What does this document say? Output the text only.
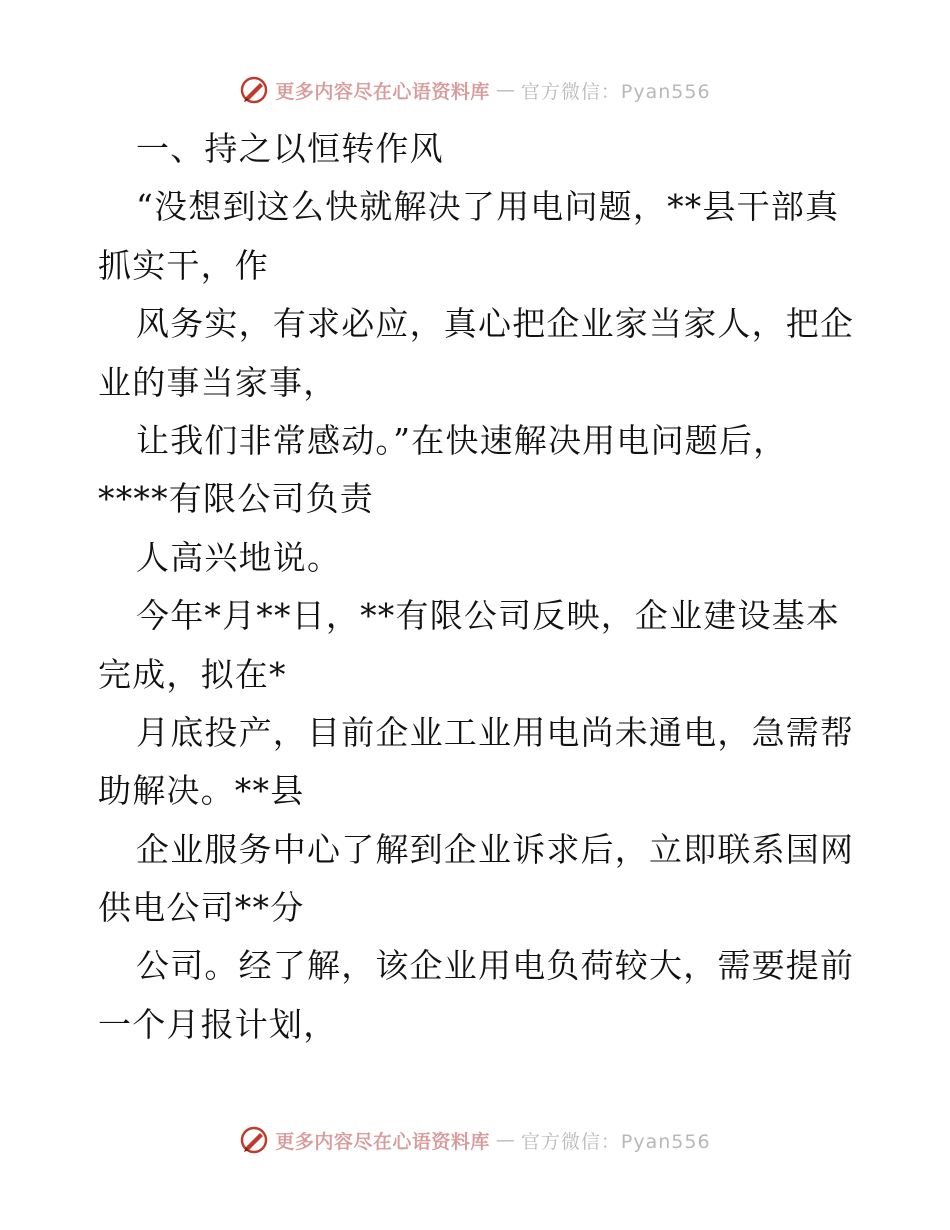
更多内容尽在心语资料库 — 官方微信：Pyan556
一、持之以恒转作风
“没想到这么快就解决了用电问题，**县干部真
抓实干，作
风务实，有求必应，真心把企业家当家人，把企
业的事当家事，
让我们非常感动。”在快速解决用电问题后，
****有限公司负责
人高兴地说。
今年*月**日，**有限公司反映，企业建设基本
完成，拟在*
月底投产，目前企业工业用电尚未通电，急需帮
助解决。**县
企业服务中心了解到企业诉求后，立即联系国网
供电公司**分
公司。经了解，该企业用电负荷较大，需要提前
一个月报计划，
更多内容尽在心语资料库 — 官方微信：Pyan556
